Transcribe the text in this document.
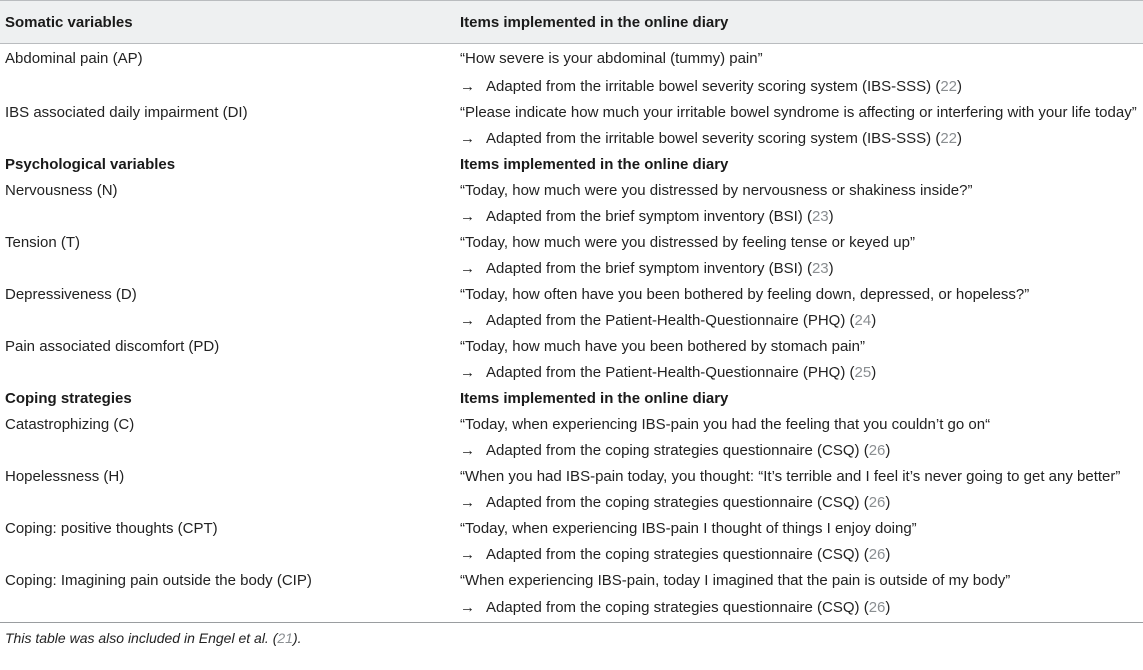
Somatic variables	Items implemented in the online diary
Abdominal pain (AP)	“How severe is your abdominal (tummy) pain”
	→ Adapted from the irritable bowel severity scoring system (IBS-SSS) (22)
IBS associated daily impairment (DI)	“Please indicate how much your irritable bowel syndrome is affecting or interfering with your life today”
	→ Adapted from the irritable bowel severity scoring system (IBS-SSS) (22)
Psychological variables	Items implemented in the online diary
Nervousness (N)	“Today, how much were you distressed by nervousness or shakiness inside?”
	→ Adapted from the brief symptom inventory (BSI) (23)
Tension (T)	“Today, how much were you distressed by feeling tense or keyed up”
	→ Adapted from the brief symptom inventory (BSI) (23)
Depressiveness (D)	“Today, how often have you been bothered by feeling down, depressed, or hopeless?”
	→ Adapted from the Patient-Health-Questionnaire (PHQ) (24)
Pain associated discomfort (PD)	“Today, how much have you been bothered by stomach pain”
	→ Adapted from the Patient-Health-Questionnaire (PHQ) (25)
Coping strategies	Items implemented in the online diary
Catastrophizing (C)	“Today, when experiencing IBS-pain you had the feeling that you couldn’t go on“
	→ Adapted from the coping strategies questionnaire (CSQ) (26)
Hopelessness (H)	“When you had IBS-pain today, you thought: “It’s terrible and I feel it’s never going to get any better”
	→ Adapted from the coping strategies questionnaire (CSQ) (26)
Coping: positive thoughts (CPT)	“Today, when experiencing IBS-pain I thought of things I enjoy doing”
	→ Adapted from the coping strategies questionnaire (CSQ) (26)
Coping: Imagining pain outside the body (CIP)	“When experiencing IBS-pain, today I imagined that the pain is outside of my body”
	→ Adapted from the coping strategies questionnaire (CSQ) (26)
This table was also included in Engel et al. (21).
